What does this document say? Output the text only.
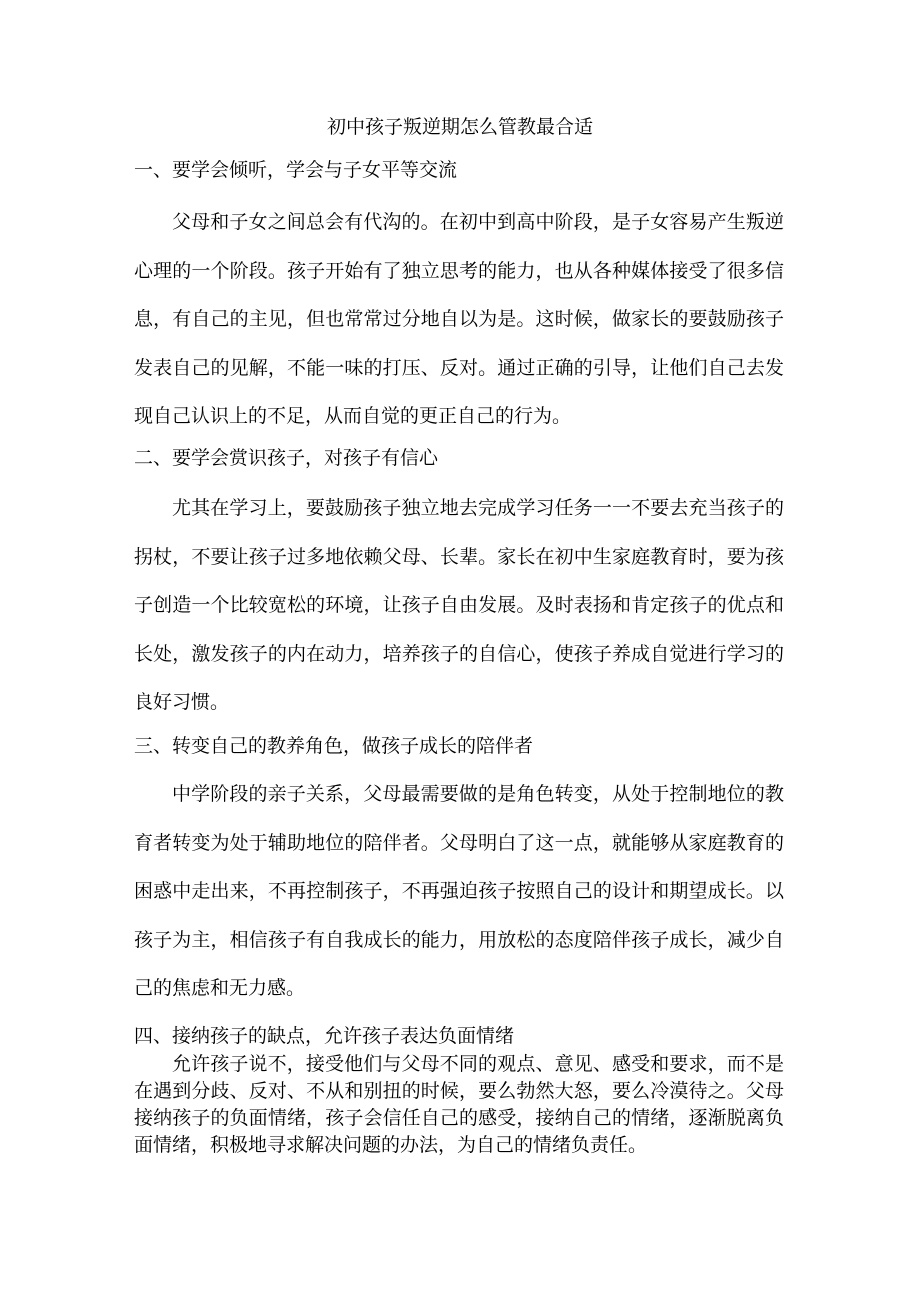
初中孩子叛逆期怎么管教最合适
一、要学会倾听，学会与子女平等交流

父母和子女之间总会有代沟的。在初中到高中阶段，是子女容易产生叛逆心理的一个阶段。孩子开始有了独立思考的能力，也从各种媒体接受了很多信息，有自己的主见，但也常常过分地自以为是。这时候，做家长的要鼓励孩子发表自己的见解，不能一味的打压、反对。通过正确的引导，让他们自己去发现自己认识上的不足，从而自觉的更正自己的行为。

二、要学会赏识孩子，对孩子有信心

尤其在学习上，要鼓励孩子独立地去完成学习任务一一不要去充当孩子的拐杖，不要让孩子过多地依赖父母、长辈。家长在初中生家庭教育时，要为孩子创造一个比较宽松的环境，让孩子自由发展。及时表扬和肯定孩子的优点和长处，激发孩子的内在动力，培养孩子的自信心，使孩子养成自觉进行学习的良好习惯。

三、转变自己的教养角色，做孩子成长的陪伴者

中学阶段的亲子关系，父母最需要做的是角色转变，从处于控制地位的教育者转变为处于辅助地位的陪伴者。父母明白了这一点，就能够从家庭教育的困惑中走出来，不再控制孩子，不再强迫孩子按照自己的设计和期望成长。以孩子为主，相信孩子有自我成长的能力，用放松的态度陪伴孩子成长，减少自己的焦虑和无力感。

四、接纳孩子的缺点，允许孩子表达负面情绪

允许孩子说不，接受他们与父母不同的观点、意见、感受和要求，而不是在遇到分歧、反对、不从和别扭的时候，要么勃然大怒，要么冷漠待之。父母接纳孩子的负面情绪，孩子会信任自己的感受，接纳自己的情绪，逐渐脱离负面情绪，积极地寻求解决问题的办法，为自己的情绪负责任。
